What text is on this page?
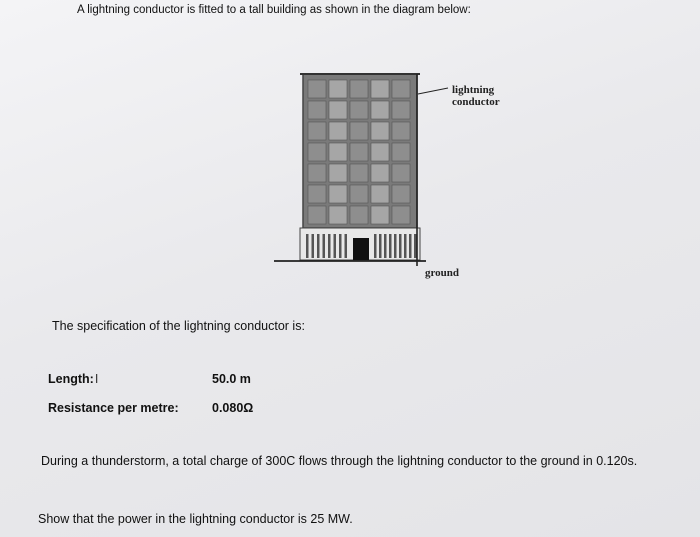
A lightning conductor is fitted to a tall building as shown in the diagram below:
lightning
conductor
ground
The specification of the lightning conductor is:
Length:I	50.0 m
Resistance per metre:	0.080Ω
During a thunderstorm, a total charge of 300C flows through the lightning conductor to the ground in 0.120s.
Show that the power in the lightning conductor is 25 MW.
